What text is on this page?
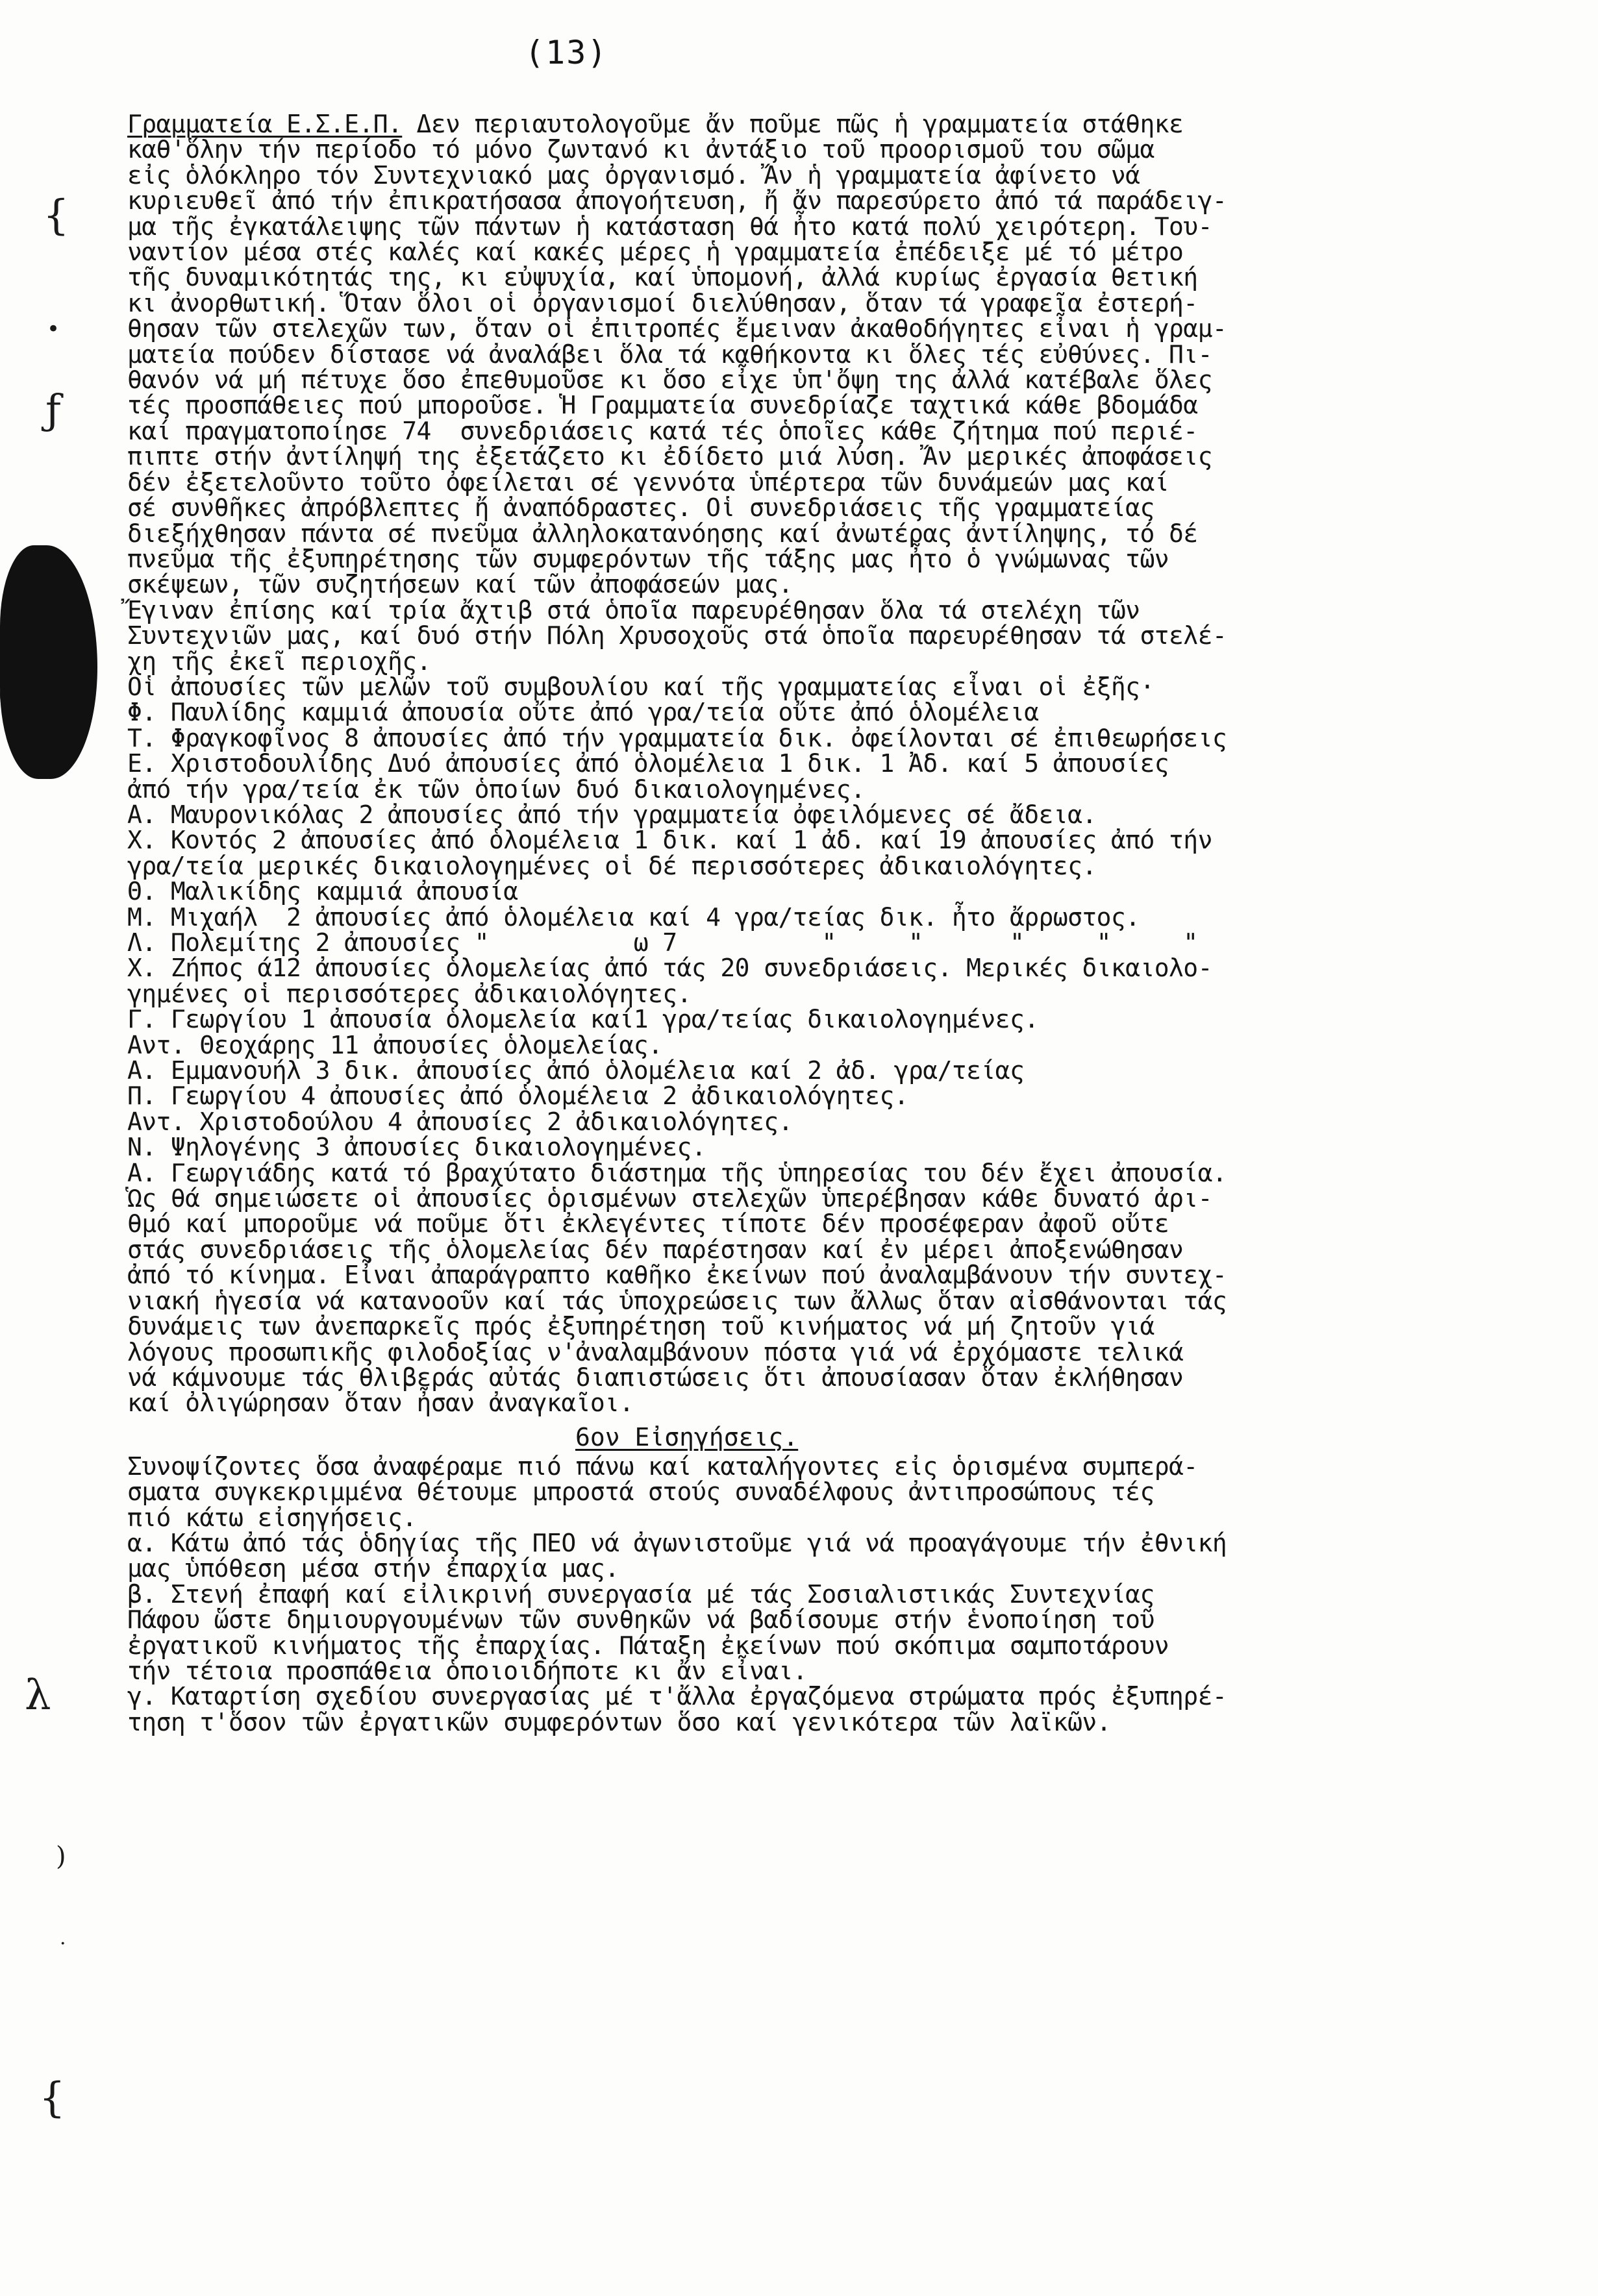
(13)
Γραμματεία Ε.Σ.Ε.Π. Δεν περιαυτολογοῦμε ἄν ποῦμε πῶς ἡ γραμματεία στάθηκε
καθ'ὅλην τήν περίοδο τό μόνο ζωντανό κι ἀντάξιο τοῦ προορισμοῦ του σῶμα
εἰς ὁλόκληρο τόν Συντεχνιακό μας ὀργανισμό. Ἄν ἡ γραμματεία ἀφίνετο νά
κυριευθεῖ ἀπό τήν ἐπικρατήσασα ἀπογοήτευση, ἤ ἄν παρεσύρετο ἀπό τά παράδειγ-
μα τῆς ἐγκατάλειψης τῶν πάντων ἡ κατάσταση θά ἦτο κατά πολύ χειρότερη. Του-
ναντίον μέσα στές καλές καί κακές μέρες ἡ γραμματεία ἐπέδειξε μέ τό μέτρο
τῆς δυναμικότητάς της, κι εὐψυχία, καί ὑπομονή, ἀλλά κυρίως ἐργασία θετική
κι ἀνορθωτική. Ὅταν ὅλοι οἱ ὀργανισμοί διελύθησαν, ὅταν τά γραφεῖα ἐστερή-
θησαν τῶν στελεχῶν των, ὅταν οἱ ἐπιτροπές ἔμειναν ἀκαθοδήγητες εἶναι ἡ γραμ-
ματεία πούδεν δίστασε νά ἀναλάβει ὅλα τά καθήκοντα κι ὅλες τές εὐθύνες. Πι-
θανόν νά μή πέτυχε ὅσο ἐπεθυμοῦσε κι ὅσο εἶχε ὑπ'ὄψη της ἀλλά κατέβαλε ὅλες
τές προσπάθειες πού μποροῦσε. Ἡ Γραμματεία συνεδρίαζε ταχτικά κάθε βδομάδα
καί πραγματοποίησε 74  συνεδριάσεις κατά τές ὁποῖες κάθε ζήτημα πού περιέ-
πιπτε στήν ἀντίληψή της ἐξετάζετο κι ἐδίδετο μιά λύση. Ἄν μερικές ἀποφάσεις
δέν ἐξετελοῦντο τοῦτο ὀφείλεται σέ γεννότα ὑπέρτερα τῶν δυνάμεών μας καί
σέ συνθῆκες ἀπρόβλεπτες ἤ ἀναπόδραστες. Οἱ συνεδριάσεις τῆς γραμματείας
διεξήχθησαν πάντα σέ πνεῦμα ἀλληλοκατανόησης καί ἀνωτέρας ἀντίληψης, τό δέ
πνεῦμα τῆς ἐξυπηρέτησης τῶν συμφερόντων τῆς τάξης μας ἦτο ὁ γνώμωνας τῶν
σκέψεων, τῶν συζητήσεων καί τῶν ἀποφάσεών μας.
Ἔγιναν ἐπίσης καί τρία ἄχτιβ στά ὁποῖα παρευρέθησαν ὅλα τά στελέχη τῶν
Συντεχνιῶν μας, καί δυό στήν Πόλη Χρυσοχοῦς στά ὁποῖα παρευρέθησαν τά στελέ-
χη τῆς ἐκεῖ περιοχῆς.
Οἱ ἀπουσίες τῶν μελῶν τοῦ συμβουλίου καί τῆς γραμματείας εἶναι οἱ ἐξῆς·
Φ. Παυλίδης καμμιά ἀπουσία οὔτε ἀπό γρα/τεία οὔτε ἀπό ὁλομέλεια
Τ. Φραγκοφῖνος 8 ἀπουσίες ἀπό τήν γραμματεία δικ. ὀφείλονται σέ ἐπιθεωρήσεις
Ε. Χριστοδουλίδης Δυό ἀπουσίες ἀπό ὁλομέλεια 1 δικ. 1 Ἀδ. καί 5 ἀπουσίες
ἀπό τήν γρα/τεία ἐκ τῶν ὁποίων δυό δικαιολογημένες.
Α. Μαυρονικόλας 2 ἀπουσίες ἀπό τήν γραμματεία ὀφειλόμενες σέ ἄδεια.
Χ. Κοντός 2 ἀπουσίες ἀπό ὁλομέλεια 1 δικ. καί 1 ἀδ. καί 19 ἀπουσίες ἀπό τήν
γρα/τεία μερικές δικαιολογημένες οἱ δέ περισσότερες ἀδικαιολόγητες.
Θ. Μαλικίδης καμμιά ἀπουσία
Μ. Μιχαήλ  2 ἀπουσίες ἀπό ὁλομέλεια καί 4 γρα/τείας δικ. ἦτο ἄρρωστος.
Λ. Πολεμίτης 2 ἀπουσίες "          ω 7          "     "      "     "     "
Χ. Ζήπος ά12 ἀπουσίες ὁλομελείας ἀπό τάς 20 συνεδριάσεις. Μερικές δικαιολο-
γημένες οἱ περισσότερες ἀδικαιολόγητες.
Γ. Γεωργίου 1 ἀπουσία ὁλομελεία καί1 γρα/τείας δικαιολογημένες.
Αντ. Θεοχάρης 11 ἀπουσίες ὁλομελείας.
Α. Εμμανουήλ 3 δικ. ἀπουσίες ἀπό ὁλομέλεια καί 2 ἀδ. γρα/τείας
Π. Γεωργίου 4 ἀπουσίες ἀπό ὁλομέλεια 2 ἀδικαιολόγητες.
Αντ. Χριστοδούλου 4 ἀπουσίες 2 ἀδικαιολόγητες.
Ν. Ψηλογένης 3 ἀπουσίες δικαιολογημένες.
Α. Γεωργιάδης κατά τό βραχύτατο διάστημα τῆς ὑπηρεσίας του δέν ἔχει ἀπουσία.
Ὡς θά σημειώσετε οἱ ἀπουσίες ὁρισμένων στελεχῶν ὑπερέβησαν κάθε δυνατό ἀρι-
θμό καί μποροῦμε νά ποῦμε ὅτι ἐκλεγέντες τίποτε δέν προσέφεραν ἀφοῦ οὔτε
στάς συνεδριάσεις τῆς ὁλομελείας δέν παρέστησαν καί ἐν μέρει ἀποξενώθησαν
ἀπό τό κίνημα. Εἶναι ἀπαράγραπτο καθῆκο ἐκείνων πού ἀναλαμβάνουν τήν συντεχ-
νιακή ἡγεσία νά κατανοοῦν καί τάς ὑποχρεώσεις των ἄλλως ὅταν αἰσθάνονται τάς
δυνάμεις των ἀνεπαρκεῖς πρός ἐξυπηρέτηση τοῦ κινήματος νά μή ζητοῦν γιά
λόγους προσωπικῆς φιλοδοξίας ν'ἀναλαμβάνουν πόστα γιά νά ἐρχόμαστε τελικά
νά κάμνουμε τάς θλιβεράς αὐτάς διαπιστώσεις ὅτι ἀπουσίασαν ὅταν ἐκλήθησαν
καί ὀλιγώρησαν ὅταν ἦσαν ἀναγκαῖοι.
6ον Εἰσηγήσεις.
Συνοψίζοντες ὅσα ἀναφέραμε πιό πάνω καί καταλήγοντες εἰς ὁρισμένα συμπερά-
σματα συγκεκριμμένα θέτουμε μπροστά στούς συναδέλφους ἀντιπροσώπους τές
πιό κάτω εἰσηγήσεις.
α. Κάτω ἀπό τάς ὁδηγίας τῆς ΠΕΟ νά ἀγωνιστοῦμε γιά νά προαγάγουμε τήν ἐθνική
μας ὑπόθεση μέσα στήν ἐπαρχία μας.
β. Στενή ἐπαφή καί εἰλικρινή συνεργασία μέ τάς Σοσιαλιστικάς Συντεχνίας
Πάφου ὥστε δημιουργουμένων τῶν συνθηκῶν νά βαδίσουμε στήν ἑνοποίηση τοῦ
ἐργατικοῦ κινήματος τῆς ἐπαρχίας. Πάταξη ἐκείνων πού σκόπιμα σαμποτάρουν
τήν τέτοια προσπάθεια ὁποιοιδήποτε κι ἄν εἶναι.
γ. Καταρτίση σχεδίου συνεργασίας μέ τ'ἄλλα ἐργαζόμενα στρώματα πρός ἐξυπηρέ-
τηση τ'ὅσον τῶν ἐργατικῶν συμφερόντων ὅσο καί γενικότερα τῶν λαϊκῶν.
{
•
ƒ
λ
)
·
{
